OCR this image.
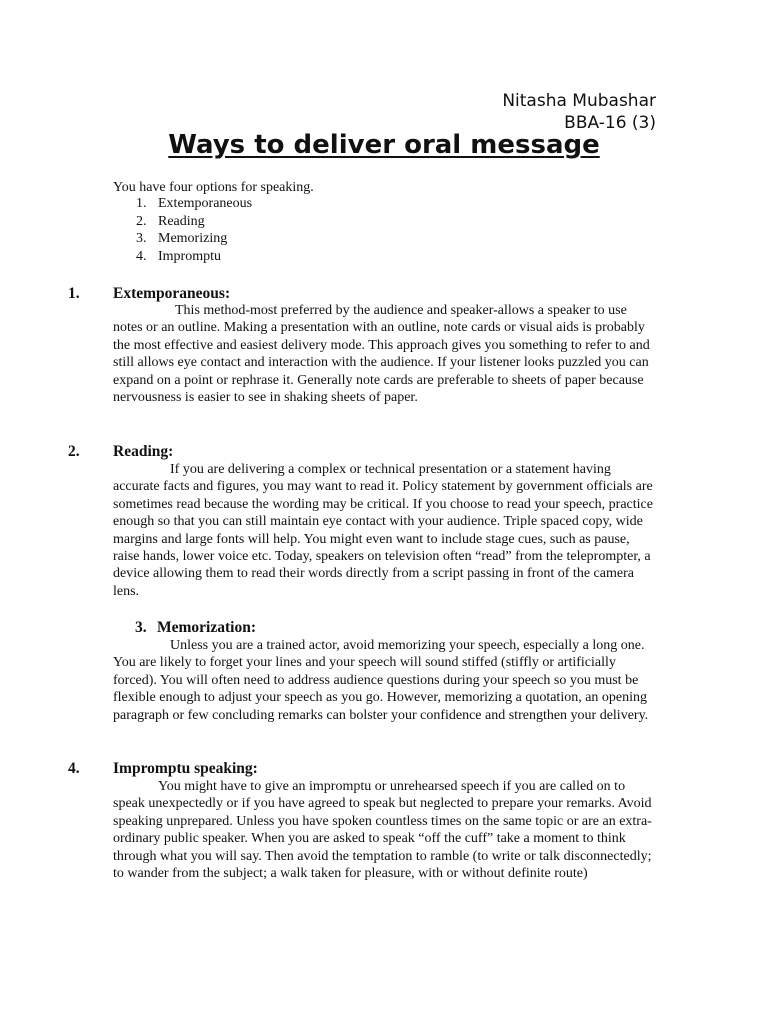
Nitasha Mubashar
BBA-16 (3)
Ways to deliver oral message
You have four options for speaking.
1. Extemporaneous
2. Reading
3. Memorizing
4. Impromptu
1. Extemporaneous:

This method-most preferred by the audience and speaker-allows a speaker to use notes or an outline. Making a presentation with an outline, note cards or visual aids is probably the most effective and easiest delivery mode. This approach gives you something to refer to and still allows eye contact and interaction with the audience. If your listener looks puzzled you can expand on a point or rephrase it. Generally note cards are preferable to sheets of paper because nervousness is easier to see in shaking sheets of paper.

2. Reading:

If you are delivering a complex or technical presentation or a statement having accurate facts and figures, you may want to read it. Policy statement by government officials are sometimes read because the wording may be critical. If you choose to read your speech, practice enough so that you can still maintain eye contact with your audience. Triple spaced copy, wide margins and large fonts will help. You might even want to include stage cues, such as pause, raise hands, lower voice etc. Today, speakers on television often “read” from the teleprompter, a device allowing them to read their words directly from a script passing in front of the camera lens.

3. Memorization:

Unless you are a trained actor, avoid memorizing your speech, especially a long one. You are likely to forget your lines and your speech will sound stiffed (stiffly or artificially forced). You will often need to address audience questions during your speech so you must be flexible enough to adjust your speech as you go. However, memorizing a quotation, an opening paragraph or few concluding remarks can bolster your confidence and strengthen your delivery.

4. Impromptu speaking:

You might have to give an impromptu or unrehearsed speech if you are called on to speak unexpectedly or if you have agreed to speak but neglected to prepare your remarks. Avoid speaking unprepared. Unless you have spoken countless times on the same topic or are an extra-ordinary public speaker. When you are asked to speak “off the cuff” take a moment to think through what you will say. Then avoid the temptation to ramble (to write or talk disconnectedly; to wander from the subject; a walk taken for pleasure, with or without definite route)
